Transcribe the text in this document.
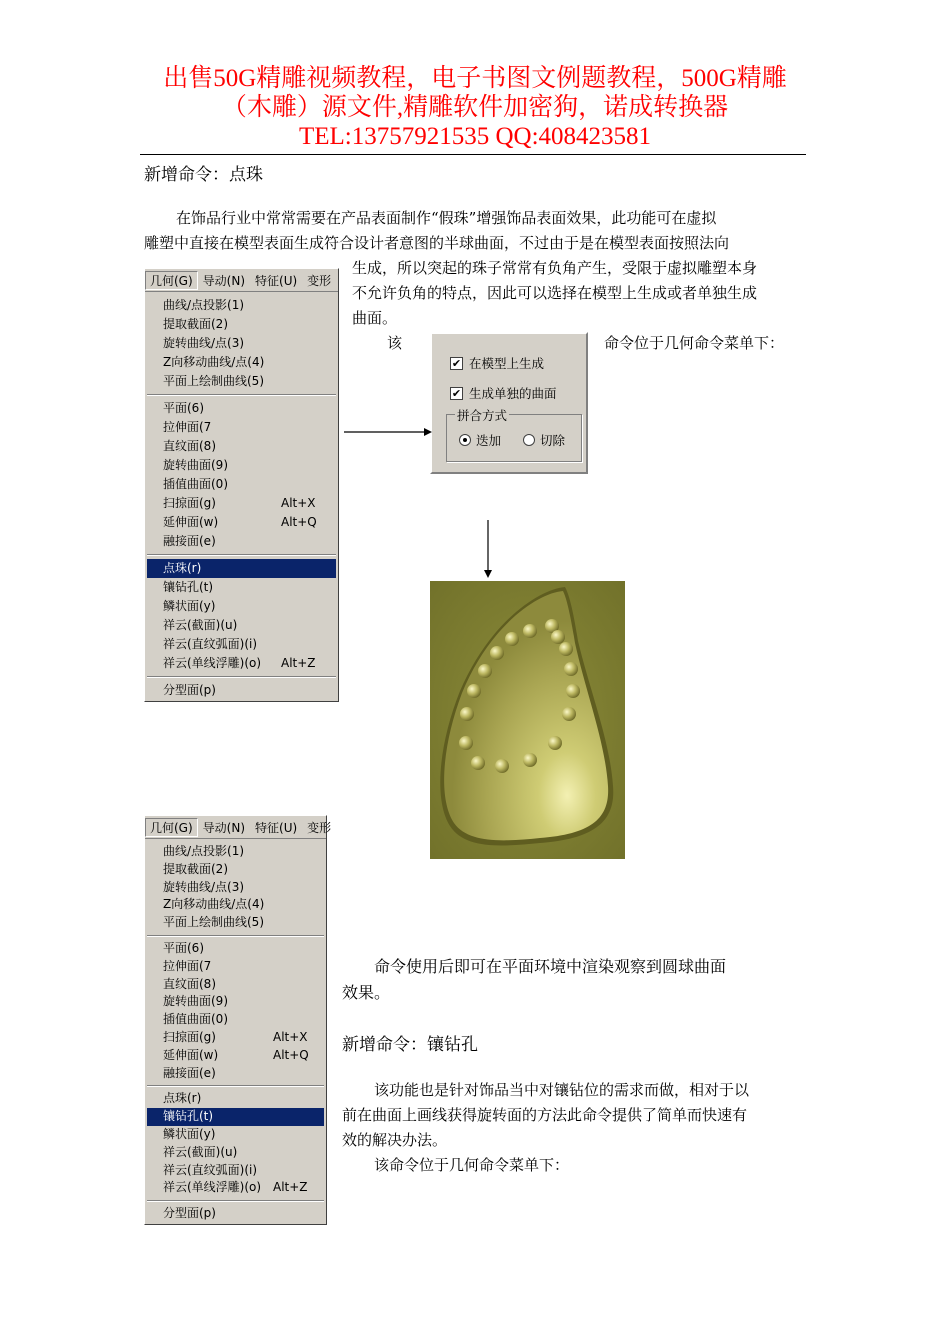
出售50G精雕视频教程，电子书图文例题教程，500G精雕
（木雕）源文件,精雕软件加密狗，诺成转换器
TEL:13757921535 QQ:408423581
新增命令：点珠

在饰品行业中常常需要在产品表面制作“假珠”增强饰品表面效果，此功能可在虚拟

雕塑中直接在模型表面生成符合设计者意图的半球曲面，不过由于是在模型表面按照法向

生成，所以突起的珠子常常有负角产生，受限于虚拟雕塑本身

不允许负角的特点，因此可以选择在模型上生成或者单独生成

曲面。

该	命令位于几何命令菜单下：
几何(G) 导动(N) 特征(U) 变形
曲线/点投影(1)
提取截面(2)
旋转曲线/点(3)
Z向移动曲线/点(4)
平面上绘制曲线(5)
平面(6)
拉伸面(7
直纹面(8)
旋转曲面(9)
插值曲面(0)
扫掠面(g)	Alt+X
延伸面(w)	Alt+Q
融接面(e)
点珠(r)
镶钻孔(t)
鳞状面(y)
祥云(截面)(u)
祥云(直纹弧面)(i)
祥云(单线浮雕)(o) Alt+Z
分型面(p)
✔ 在模型上生成
✔ 生成单独的曲面
拼合方式
迭加	切除
几何(G) 导动(N) 特征(U) 变形
曲线/点投影(1)
提取截面(2)
旋转曲线/点(3)
Z向移动曲线/点(4)
平面上绘制曲线(5)
平面(6)
拉伸面(7
直纹面(8)
旋转曲面(9)
插值曲面(0)
扫掠面(g)	Alt+X
延伸面(w)	Alt+Q
融接面(e)
点珠(r)
镶钻孔(t)
鳞状面(y)
祥云(截面)(u)
祥云(直纹弧面)(i)
祥云(单线浮雕)(o) Alt+Z
分型面(p)

命令使用后即可在平面环境中渲染观察到圆球曲面

效果。

新增命令：镶钻孔

该功能也是针对饰品当中对镶钻位的需求而做，相对于以

前在曲面上画线获得旋转面的方法此命令提供了简单而快速有

效的解决办法。

该命令位于几何命令菜单下：
